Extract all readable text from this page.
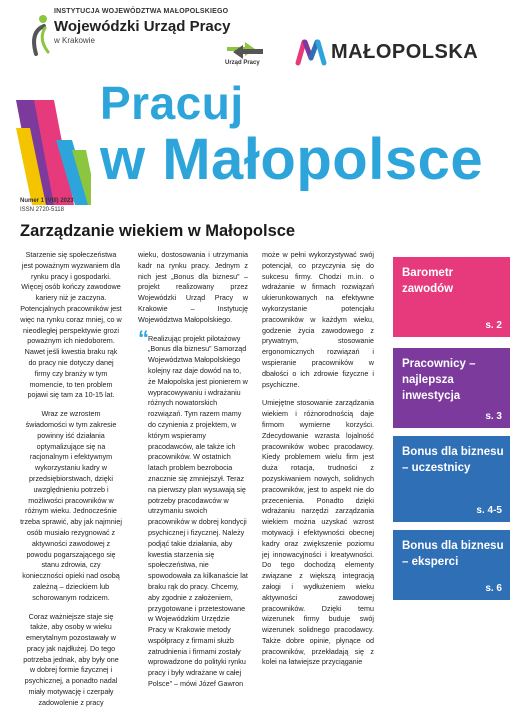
INSTYTUCJA WOJEWÓDZTWA MAŁOPOLSKIEGO
Wojewódzki Urząd Pracy
w Krakowie
Urząd Pracy	MAŁOPOLSKA
Pracuj
w Małopolsce
Numer 1 (VIII) 2023
ISSN 2720-5118
Zarządzanie wiekiem w Małopolsce

Starzenie się społeczeństwa jest poważnym wyzwaniem dla rynku pracy i gospodarki. Więcej osób kończy zawodowe kariery niż je zaczyna. Potencjalnych pracowników jest więc na rynku coraz mniej, co w nieodległej perspektywie grozi poważnym ich niedoborem. Nawet jeśli kwestia braku rąk do pracy nie dotyczy danej firmy czy branży w tym momencie, to ten problem pojawi się tam za 10-15 lat.

Wraz ze wzrostem świadomości w tym zakresie powinny iść działania optymalizujące się na racjonalnym i efektywnym wykorzystaniu kadry w przedsiębiorstwach, dzięki uwzględnieniu potrzeb i możliwości pracowników w różnym wieku. Jednocześnie trzeba sprawić, aby jak najmniej osób musiało rezygnować z aktywności zawodowej z powodu pogarszającego się stanu zdrowia, czy konieczności opieki nad osobą zależną – dzieckiem lub schorowanym rodzicem.

Coraz ważniejsze staje się także, aby osoby w wieku emerytalnym pozostawały w pracy jak najdłużej. Do tego potrzeba jednak, aby były one w dobrej formie fizycznej i psychicznej, a ponadto nadal miały motywację i czerpały zadowolenie z pracy

wieku, dostosowania i utrzymania kadr na rynku pracy. Jednym z nich jest „Bonus dla biznesu” – projekt realizowany przez Wojewódzki Urząd Pracy w Krakowie – Instytucję Województwa Małopolskiego.

“ Realizując projekt pilotażowy „Bonus dla biznesu” Samorząd Województwa Małopolskiego kolejny raz daje dowód na to, że Małopolska jest pionierem w wypracowywaniu i wdrażaniu różnych nowatorskich rozwiązań. Tym razem mamy do czynienia z projektem, w którym wspieramy pracodawców, ale także ich pracowników. W ostatnich latach problem bezrobocia znacznie się zmniejszył. Teraz na pierwszy plan wysuwają się potrzeby pracodawców w utrzymaniu swoich pracowników w dobrej kondycji psychicznej i fizycznej. Należy podjąć takie działania, aby kwestia starzenia się społeczeństwa, nie spowodowała za kilkanaście lat braku rąk do pracy. Chcemy, aby zgodnie z założeniem, przygotowane i przetestowane w Wojewódzkim Urzędzie Pracy w Krakowie metody współpracy z firmami służb zatrudnienia i firmami zostały wprowadzone do polityki rynku pracy i były wdrażane w całej Polsce” – mówi Józef Gawron

może w pełni wykorzystywać swój potencjał, co przyczynia się do sukcesu firmy. Chodzi m.in. o wdrażanie w firmach rozwiązań ukierunkowanych na efektywne wykorzystanie potencjału pracowników w każdym wieku, godzenie życia zawodowego z prywatnym, stosowanie ergonomicznych rozwiązań i wspieranie pracowników w dbałości o ich zdrowie fizyczne i psychiczne.

Umiejętne stosowanie zarządzania wiekiem i różnorodnością daje firmom wymierne korzyści. Zdecydowanie wzrasta lojalność pracowników wobec pracodawcy. Kiedy problemem wielu firm jest duża rotacja, trudności z pozyskiwaniem nowych, solidnych pracowników, jest to aspekt nie do przecenienia. Ponadto dzięki wdrażaniu narzędzi zarządzania wiekiem można uzyskać wzrost motywacji i efektywności obecnej kadry oraz zwiększenie poziomu jej innowacyjności i kreatywności. Do tego dochodzą elementy związane z większą integracją załogi i wydłużeniem wieku aktywności zawodowej pracowników. Dzięki temu wizerunek firmy buduje swój wizerunek solidnego pracodawcy. Także dobre opinie, płynące od pracowników, przekładają się z kolei na łatwiejsze przyciąganie

Barometr zawodów
s. 2
Pracownicy – najlepsza inwestycja
s. 3
Bonus dla biznesu – uczestnicy
s. 4-5
Bonus dla biznesu – eksperci
s. 6
